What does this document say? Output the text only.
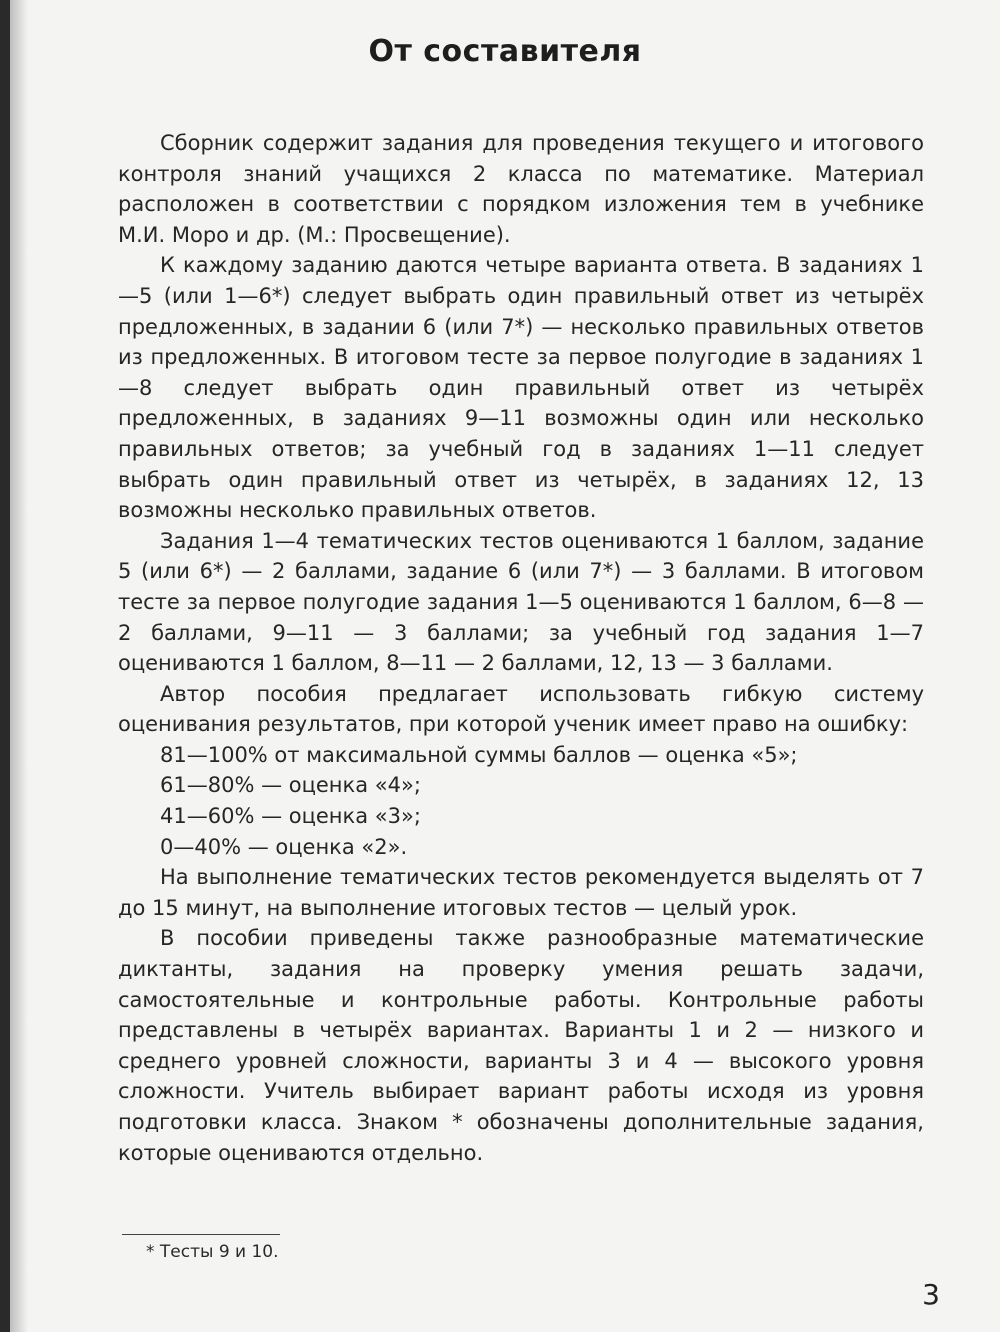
От составителя

Сборник содержит задания для проведения текущего и итогового контроля знаний учащихся 2 класса по математике. Материал расположен в соответствии с порядком изложения тем в учебнике М.И. Моро и др. (М.: Просвещение).

К каждому заданию даются четыре варианта ответа. В заданиях 1—5 (или 1—6*) следует выбрать один правильный ответ из четырёх предложенных, в задании 6 (или 7*) — несколько правильных ответов из предложенных. В итоговом тесте за первое полугодие в заданиях 1—8 следует выбрать один правильный ответ из четырёх предложенных, в заданиях 9—11 возможны один или несколько правильных ответов; за учебный год в заданиях 1—11 следует выбрать один правильный ответ из четырёх, в заданиях 12, 13 возможны несколько правильных ответов.

Задания 1—4 тематических тестов оцениваются 1 баллом, задание 5 (или 6*) — 2 баллами, задание 6 (или 7*) — 3 баллами. В итоговом тесте за первое полугодие задания 1—5 оцениваются 1 баллом, 6—8 — 2 баллами, 9—11 — 3 баллами; за учебный год задания 1—7 оцениваются 1 баллом, 8—11 — 2 баллами, 12, 13 — 3 баллами.

Автор пособия предлагает использовать гибкую систему оценивания результатов, при которой ученик имеет право на ошибку:

81—100% от максимальной суммы баллов — оценка «5»;

61—80% — оценка «4»;

41—60% — оценка «3»;

0—40% — оценка «2».

На выполнение тематических тестов рекомендуется выделять от 7 до 15 минут, на выполнение итоговых тестов — целый урок.

В пособии приведены также разнообразные математические диктанты, задания на проверку умения решать задачи, самостоятельные и контрольные работы. Контрольные работы представлены в четырёх вариантах. Варианты 1 и 2 — низкого и среднего уровней сложности, варианты 3 и 4 — высокого уровня сложности. Учитель выбирает вариант работы исходя из уровня подготовки класса. Знаком * обозначены дополнительные задания, которые оцениваются отдельно.

* Тесты 9 и 10.
3
